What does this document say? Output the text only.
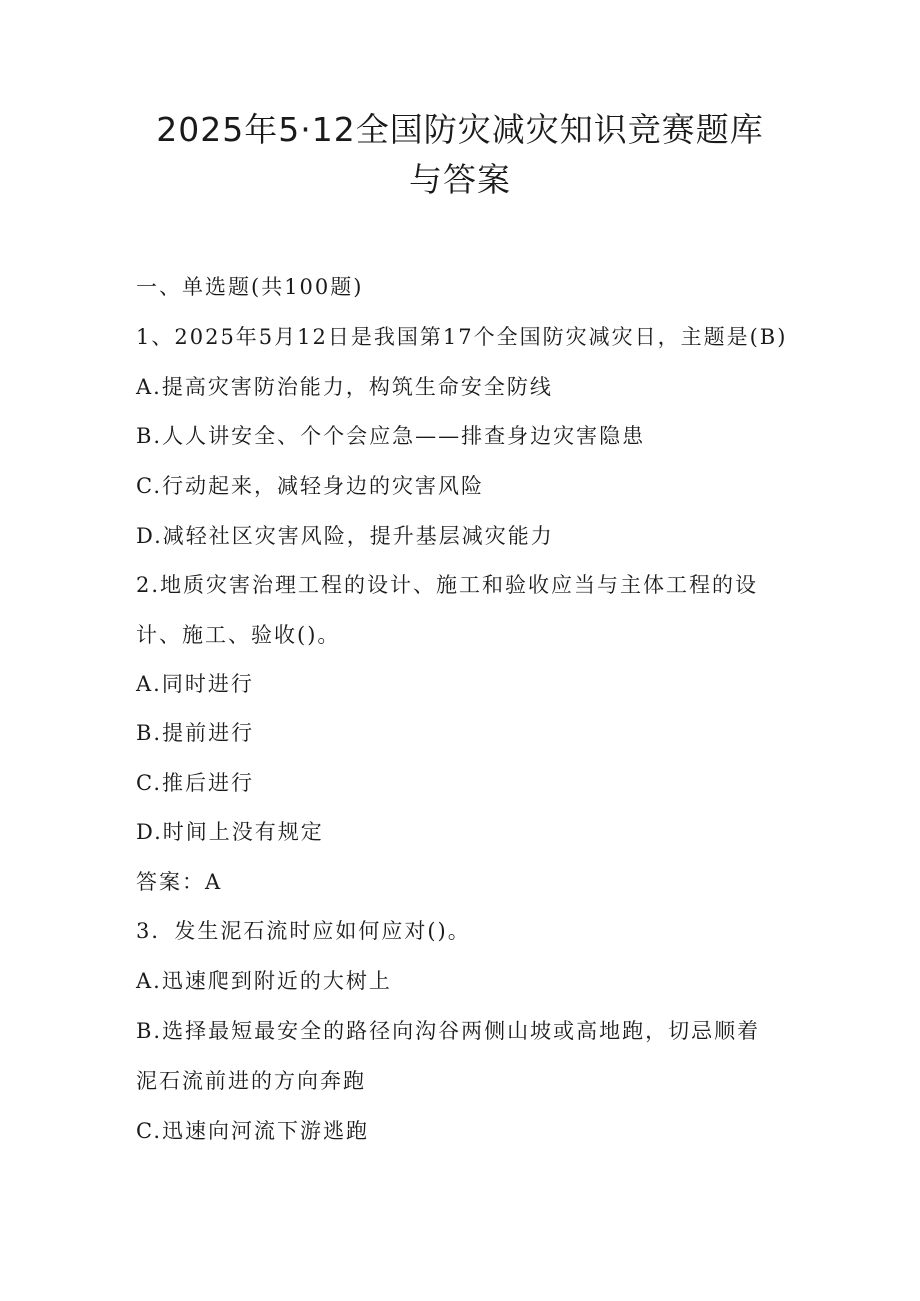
2025年5·12全国防灾减灾知识竞赛题库
与答案
一、单选题(共100题)
1、2025年5月12日是我国第17个全国防灾减灾日，主题是(B)
A.提高灾害防治能力，构筑生命安全防线
B.人人讲安全、个个会应急——排查身边灾害隐患
C.行动起来，减轻身边的灾害风险
D.减轻社区灾害风险，提升基层减灾能力
2.地质灾害治理工程的设计、施工和验收应当与主体工程的设
计、施工、验收()。
A.同时进行
B.提前进行
C.推后进行
D.时间上没有规定
答案：A
3．发生泥石流时应如何应对()。
A.迅速爬到附近的大树上
B.选择最短最安全的路径向沟谷两侧山坡或高地跑，切忌顺着
泥石流前进的方向奔跑
C.迅速向河流下游逃跑
